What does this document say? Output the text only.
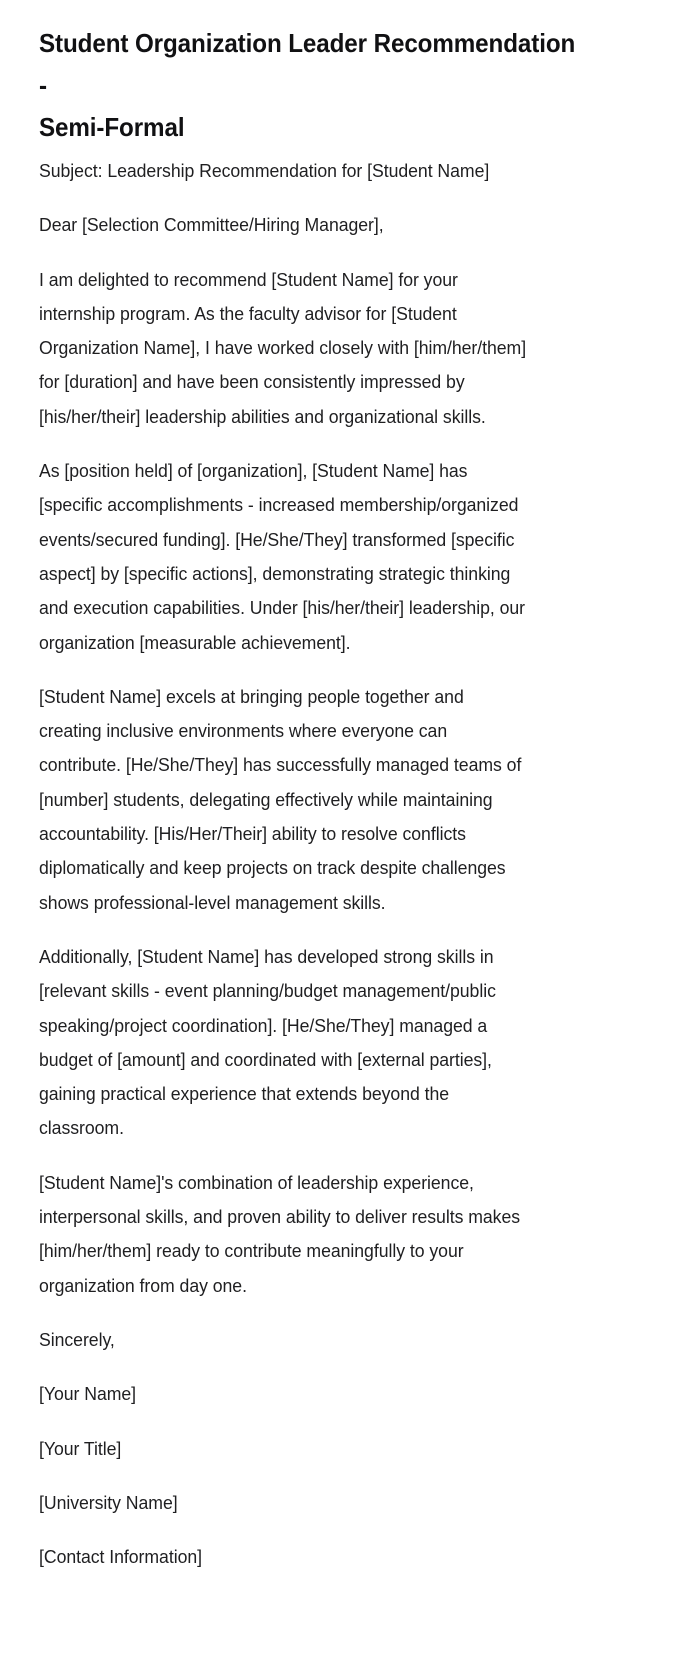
Student Organization Leader Recommendation -
Semi-Formal

Subject: Leadership Recommendation for [Student Name]

Dear [Selection Committee/Hiring Manager],

I am delighted to recommend [Student Name] for your
internship program. As the faculty advisor for [Student
Organization Name], I have worked closely with [him/her/them]
for [duration] and have been consistently impressed by
[his/her/their] leadership abilities and organizational skills.

As [position held] of [organization], [Student Name] has
[specific accomplishments - increased membership/organized
events/secured funding]. [He/She/They] transformed [specific
aspect] by [specific actions], demonstrating strategic thinking
and execution capabilities. Under [his/her/their] leadership, our
organization [measurable achievement].

[Student Name] excels at bringing people together and
creating inclusive environments where everyone can
contribute. [He/She/They] has successfully managed teams of
[number] students, delegating effectively while maintaining
accountability. [His/Her/Their] ability to resolve conflicts
diplomatically and keep projects on track despite challenges
shows professional-level management skills.

Additionally, [Student Name] has developed strong skills in
[relevant skills - event planning/budget management/public
speaking/project coordination]. [He/She/They] managed a
budget of [amount] and coordinated with [external parties],
gaining practical experience that extends beyond the
classroom.

[Student Name]'s combination of leadership experience,
interpersonal skills, and proven ability to deliver results makes
[him/her/them] ready to contribute meaningfully to your
organization from day one.

Sincerely,

[Your Name]

[Your Title]

[University Name]

[Contact Information]
